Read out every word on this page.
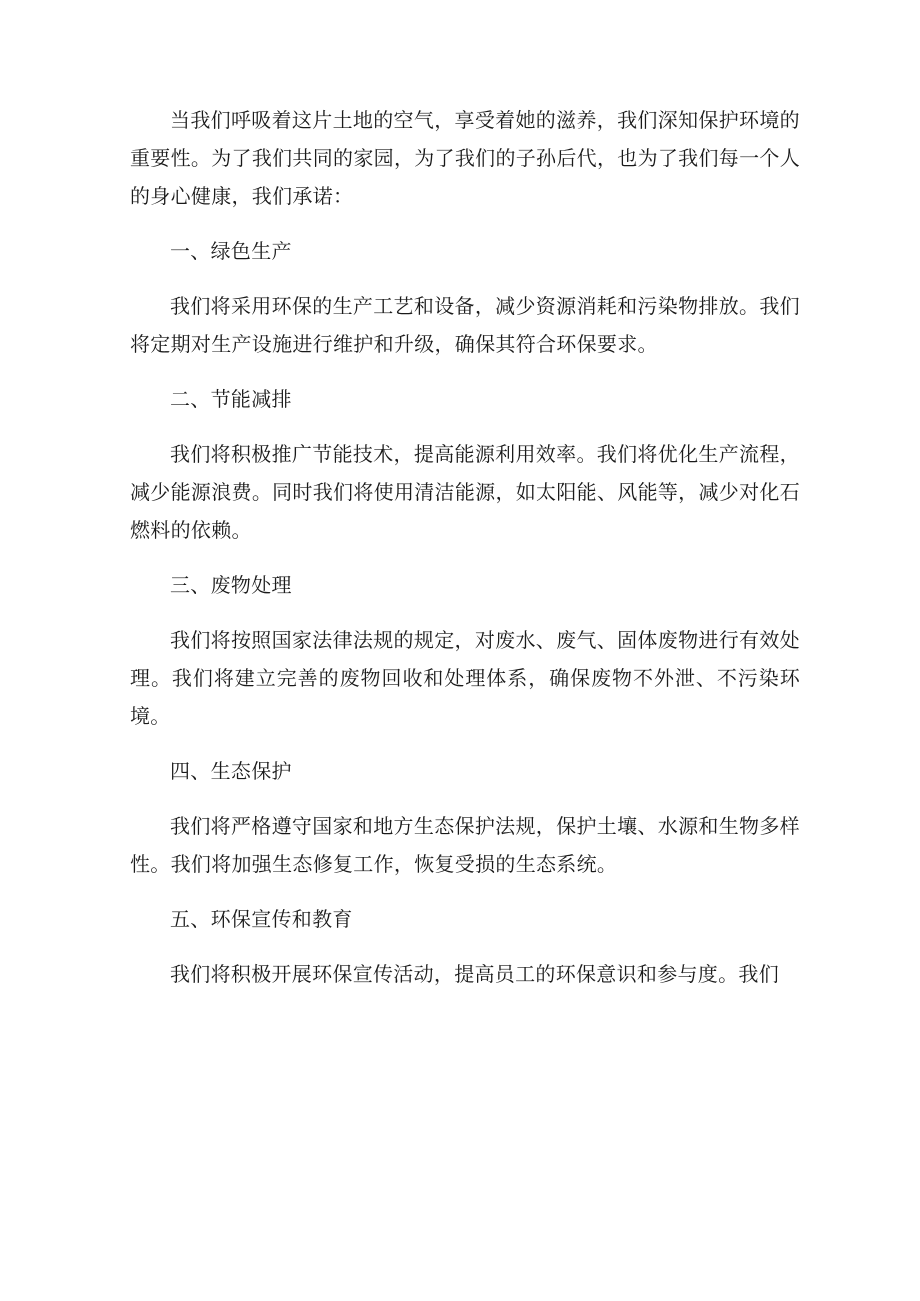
当我们呼吸着这片土地的空气，享受着她的滋养，我们深知保护环境的重要性。为了我们共同的家园，为了我们的子孙后代，也为了我们每一个人的身心健康，我们承诺：

一、绿色生产

我们将采用环保的生产工艺和设备，减少资源消耗和污染物排放。我们将定期对生产设施进行维护和升级，确保其符合环保要求。

二、节能减排

我们将积极推广节能技术，提高能源利用效率。我们将优化生产流程，减少能源浪费。同时我们将使用清洁能源，如太阳能、风能等，减少对化石燃料的依赖。

三、废物处理

我们将按照国家法律法规的规定，对废水、废气、固体废物进行有效处理。我们将建立完善的废物回收和处理体系，确保废物不外泄、不污染环境。

四、生态保护

我们将严格遵守国家和地方生态保护法规，保护土壤、水源和生物多样性。我们将加强生态修复工作，恢复受损的生态系统。

五、环保宣传和教育

我们将积极开展环保宣传活动，提高员工的环保意识和参与度。我们
